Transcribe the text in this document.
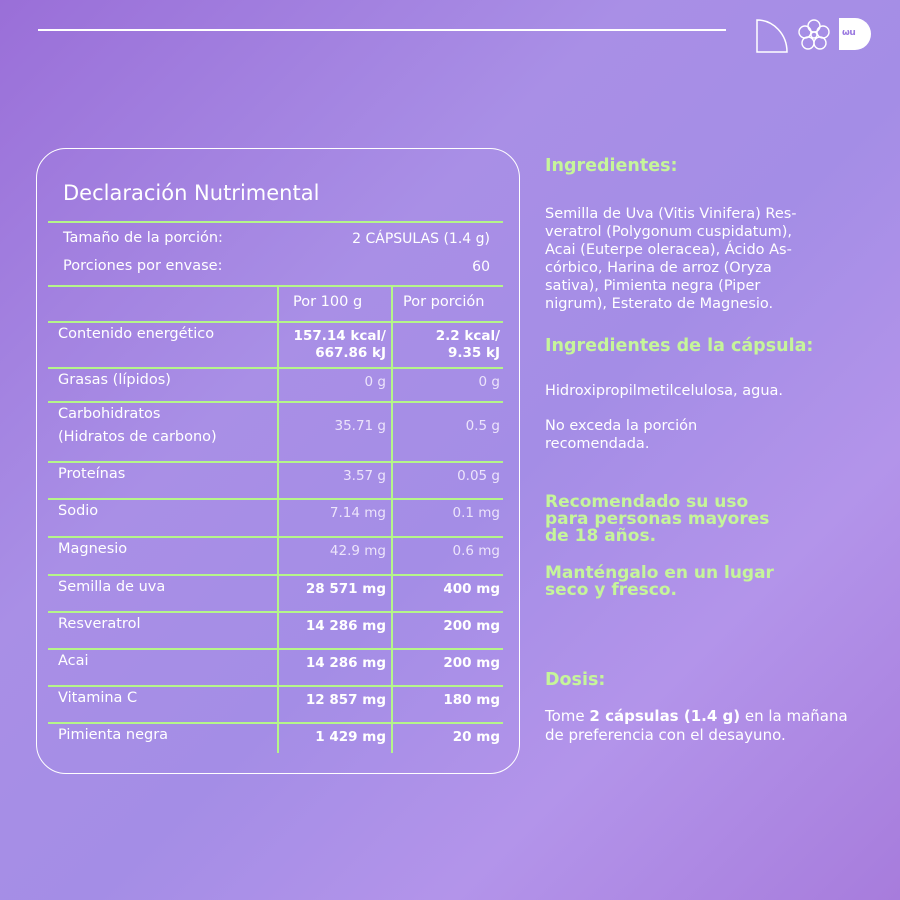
ωu
Declaración Nutrimental
Tamaño de la porción:	2 CÁPSULAS (1.4 g)
Porciones por envase:	60
Por 100 g	Por porción
Contenido energético	157.14 kcal/	2.2 kcal/
667.86 kJ	9.35 kJ
Grasas (lípidos)	0 g	0 g
Carbohidratos
(Hidratos de carbono)
35.71 g	0.5 g
Proteínas	3.57 g	0.05 g
Sodio	7.14 mg	0.1 mg
Magnesio	42.9 mg	0.6 mg
Semilla de uva	28 571 mg	400 mg
Resveratrol	14 286 mg	200 mg
Acai	14 286 mg	200 mg
Vitamina C	12 857 mg	180 mg
Pimienta negra	1 429 mg	20 mg
Ingredientes:
Semilla de Uva (Vitis Vinifera) Res-
veratrol (Polygonum cuspidatum),
Acai (Euterpe oleracea), Ácido As-
córbico, Harina de arroz (Oryza
sativa), Pimienta negra (Piper
nigrum), Esterato de Magnesio.
Ingredientes de la cápsula:
Hidroxipropilmetilcelulosa, agua.
No exceda la porción
recomendada.
Recomendado su uso
para personas mayores
de 18 años.
Manténgalo en un lugar
seco y fresco.
Dosis:
Tome 2 cápsulas (1.4 g) en la mañana
de preferencia con el desayuno.
